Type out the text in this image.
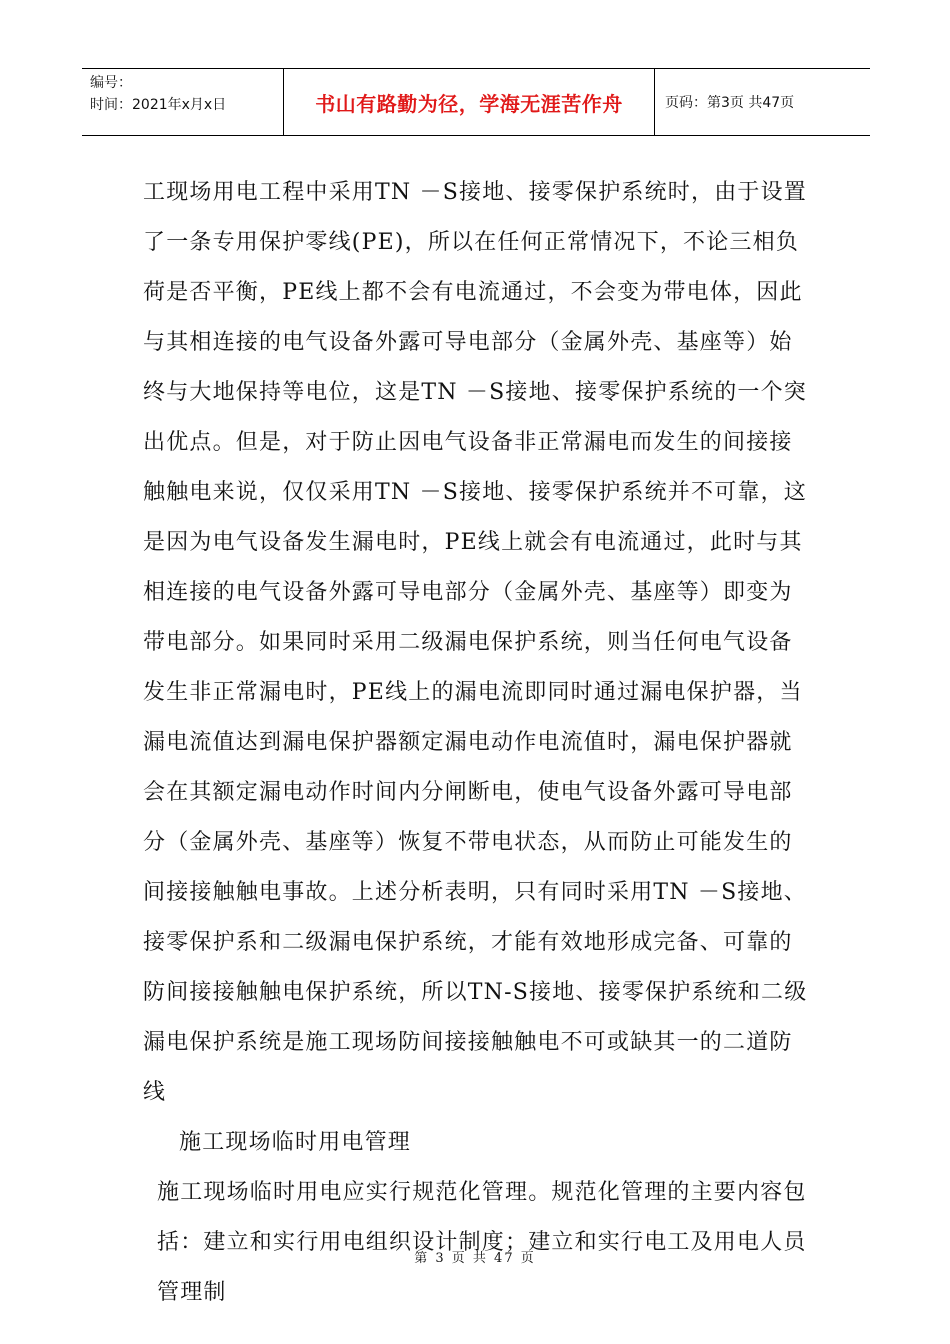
编号：
时间：2021年x月x日	书山有路勤为径，学海无涯苦作舟	页码：第3页 共47页

工现场用电工程中采用TN －S接地、接零保护系统时，由于设置了一条专用保护零线(PE)，所以在任何正常情况下，不论三相负荷是否平衡，PE线上都不会有电流通过，不会变为带电体，因此与其相连接的电气设备外露可导电部分（金属外壳、基座等）始终与大地保持等电位，这是TN －S接地、接零保护系统的一个突出优点。但是，对于防止因电气设备非正常漏电而发生的间接接触触电来说，仅仅采用TN －S接地、接零保护系统并不可靠，这是因为电气设备发生漏电时，PE线上就会有电流通过，此时与其相连接的电气设备外露可导电部分（金属外壳、基座等）即变为带电部分。如果同时采用二级漏电保护系统，则当任何电气设备发生非正常漏电时，PE线上的漏电流即同时通过漏电保护器，当漏电流值达到漏电保护器额定漏电动作电流值时，漏电保护器就会在其额定漏电动作时间内分闸断电，使电气设备外露可导电部分（金属外壳、基座等）恢复不带电状态，从而防止可能发生的间接接触触电事故。上述分析表明，只有同时采用TN －S接地、接零保护系和二级漏电保护系统，才能有效地形成完备、可靠的防间接接触触电保护系统，所以TN-S接地、接零保护系统和二级漏电保护系统是施工现场防间接接触触电不可或缺其一的二道防线

施工现场临时用电管理

施工现场临时用电应实行规范化管理。规范化管理的主要内容包括：建立和实行用电组织设计制度；建立和实行电工及用电人员管理制

第 3 页 共 47 页
